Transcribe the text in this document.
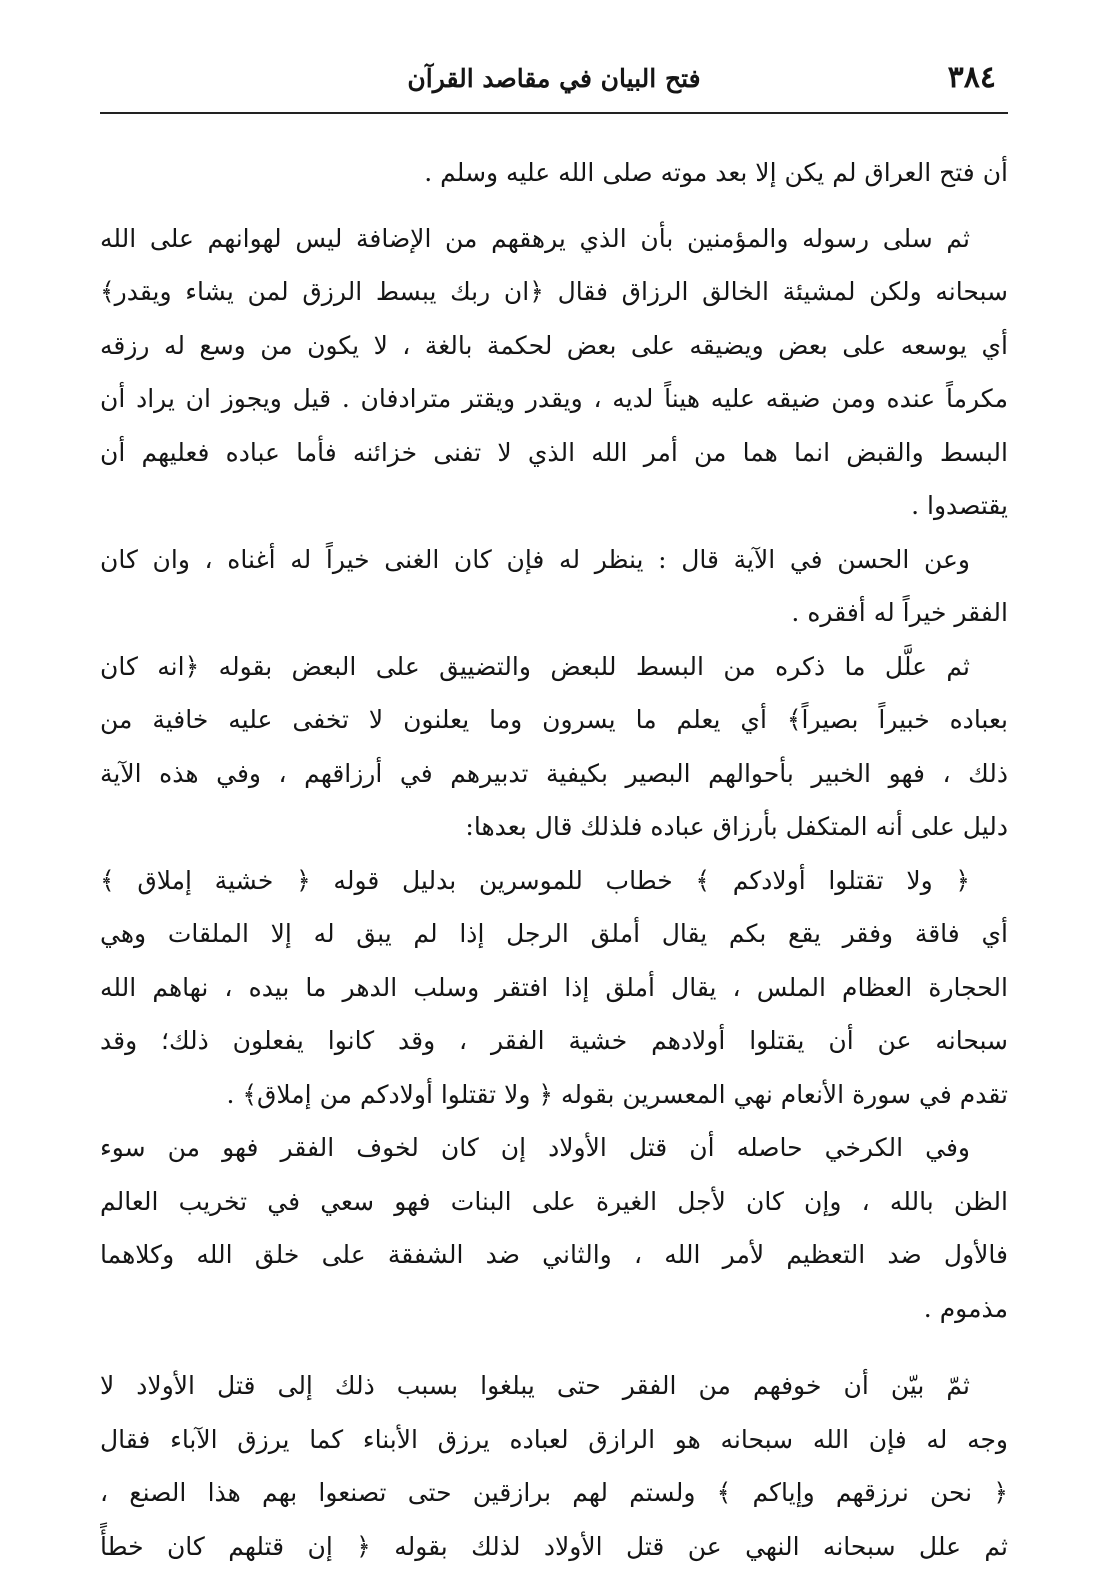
٣٨٤
فتح البيان في مقاصد القرآن
أن فتح العراق لم يكن إلا بعد موته صلى الله عليه وسلم .
ثم سلى رسوله والمؤمنين بأن الذي يرهقهم من الإضافة ليس لهوانهم على الله
سبحانه ولكن لمشيئة الخالق الرزاق فقال ﴿ان ربك يبسط الرزق لمن يشاء ويقدر﴾
أي يوسعه على بعض ويضيقه على بعض لحكمة بالغة ، لا يكون من وسع له رزقه
مكرماً عنده ومن ضيقه عليه هيناً لديه ، ويقدر ويقتر مترادفان . قيل ويجوز ان يراد أن
البسط والقبض انما هما من أمر الله الذي لا تفنى خزائنه فأما عباده فعليهم أن
يقتصدوا .
وعن الحسن في الآية قال : ينظر له فإن كان الغنى خيراً له أغناه ، وان كان
الفقر خيراً له أفقره .
ثم علَّل ما ذكره من البسط للبعض والتضييق على البعض بقوله ﴿انه كان
بعباده خبيراً بصيراً﴾ أي يعلم ما يسرون وما يعلنون لا تخفى عليه خافية من
ذلك ، فهو الخبير بأحوالهم البصير بكيفية تدبيرهم في أرزاقهم ، وفي هذه الآية
دليل على أنه المتكفل بأرزاق عباده فلذلك قال بعدها:
﴿ ولا تقتلوا أولادكم ﴾ خطاب للموسرين بدليل قوله ﴿ خشية إملاق ﴾
أي فاقة وفقر يقع بكم يقال أملق الرجل إذا لم يبق له إلا الملقات وهي
الحجارة العظام الملس ، يقال أملق إذا افتقر وسلب الدهر ما بيده ، نهاهم الله
سبحانه عن أن يقتلوا أولادهم خشية الفقر ، وقد كانوا يفعلون ذلك؛ وقد
تقدم في سورة الأنعام نهي المعسرين بقوله ﴿ ولا تقتلوا أولادكم من إملاق﴾ .
وفي الكرخي حاصله أن قتل الأولاد إن كان لخوف الفقر فهو من سوء
الظن بالله ، وإن كان لأجل الغيرة على البنات فهو سعي في تخريب العالم
فالأول ضد التعظيم لأمر الله ، والثاني ضد الشفقة على خلق الله وكلاهما
مذموم .
ثمّ بيّن أن خوفهم من الفقر حتى يبلغوا بسبب ذلك إلى قتل الأولاد لا
وجه له فإن الله سبحانه هو الرازق لعباده يرزق الأبناء كما يرزق الآباء فقال
﴿ نحن نرزقهم وإياكم ﴾ ولستم لهم برازقين حتى تصنعوا بهم هذا الصنع ،
ثم علل سبحانه النهي عن قتل الأولاد لذلك بقوله ﴿ إن قتلهم كان خطأً
